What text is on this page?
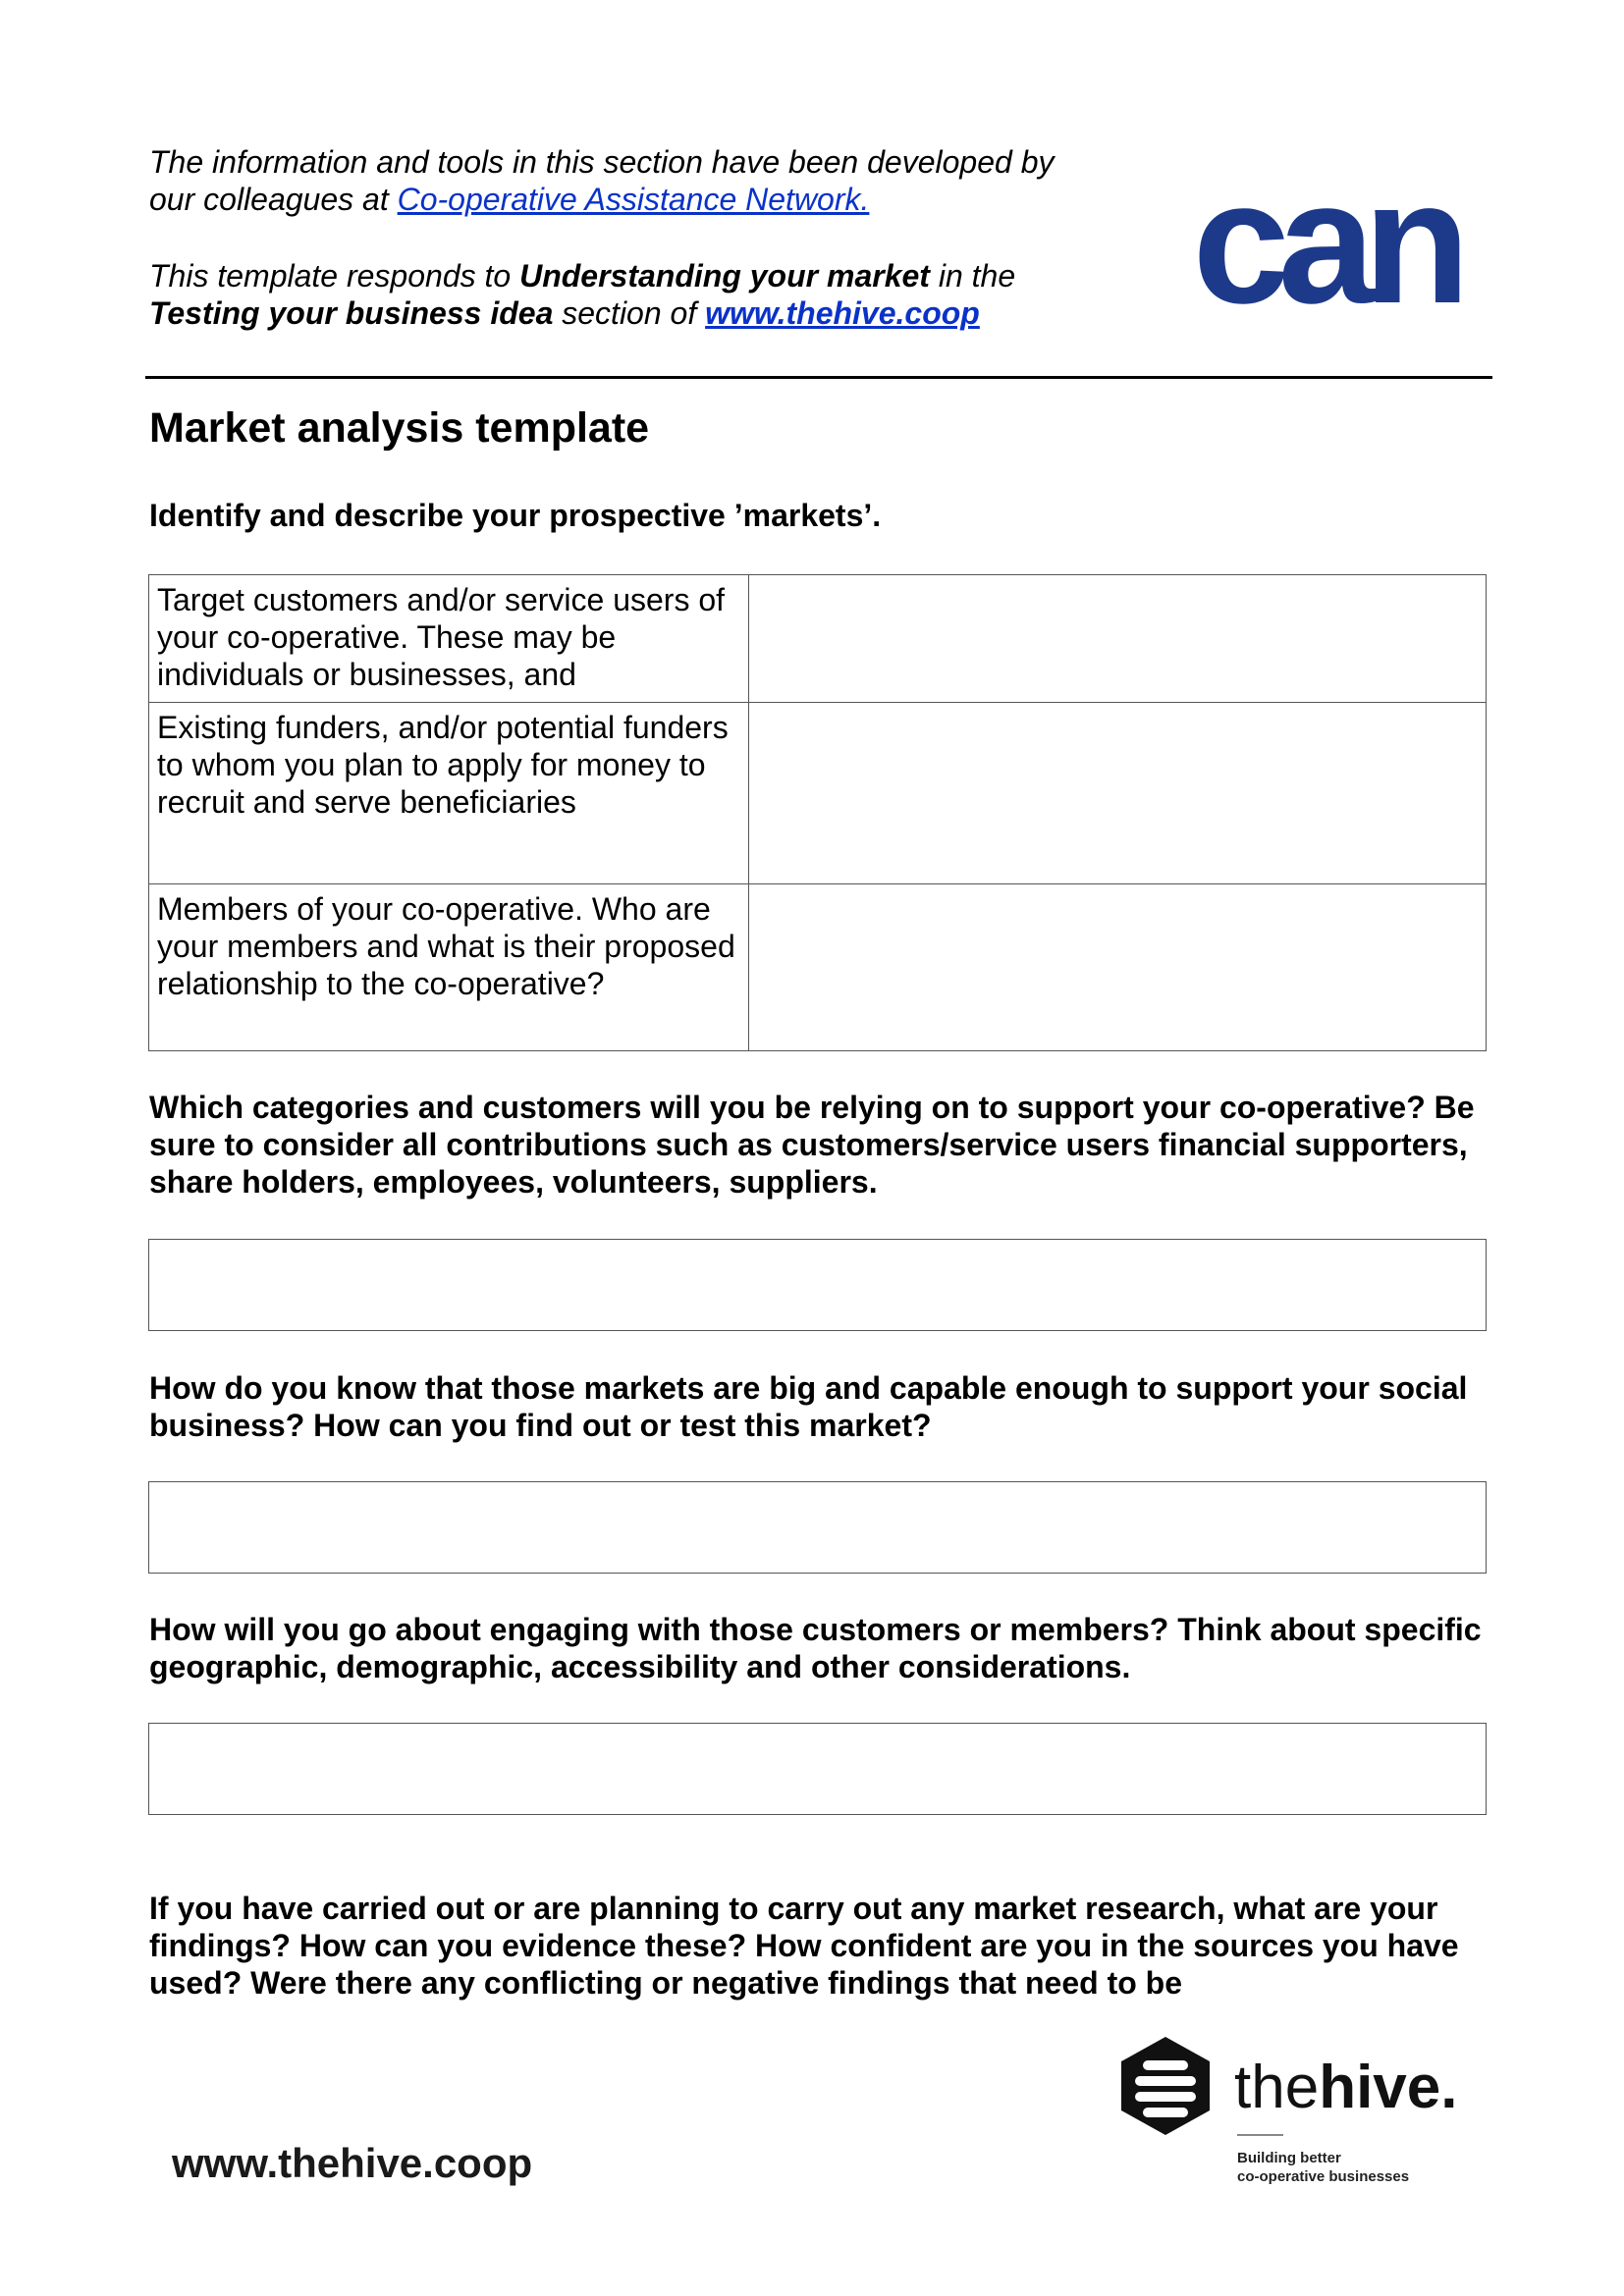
The information and tools in this section have been developed by our colleagues at Co-operative Assistance Network.

This template responds to Understanding your market in the Testing your business idea section of www.thehive.coop	can
Market analysis template

Identify and describe your prospective ’markets’.

Target customers and/or service users of your co-operative. These may be individuals or businesses, and	
Existing funders, and/or potential funders to whom you plan to apply for money to recruit and serve beneficiaries	
Members of your co-operative. Who are your members and what is their proposed relationship to the co-operative?	

Which categories and customers will you be relying on to support your co-operative? Be sure to consider all contributions such as customers/service users financial supporters, share holders, employees, volunteers, suppliers.

How do you know that those markets are big and capable enough to support your social business? How can you find out or test this market?

How will you go about engaging with those customers or members? Think about specific geographic, demographic, accessibility and other considerations.

If you have carried out or are planning to carry out any market research, what are your findings? How can you evidence these? How confident are you in the sources you have used? Were there any conflicting or negative findings that need to be

thehive.
Building better
co-operative businesses
www.thehive.coop
